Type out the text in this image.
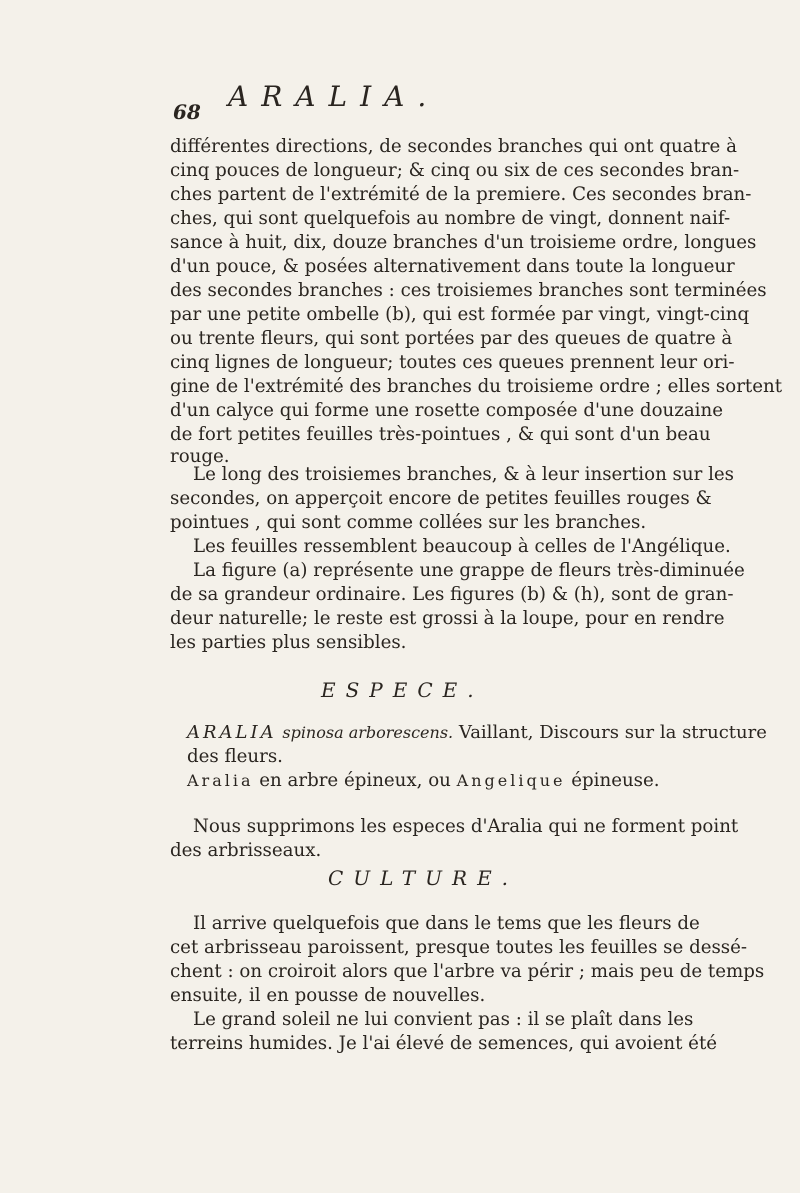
68 ARALIA.
différentes directions, de secondes branches qui ont quatre à
cinq pouces de longueur; & cinq ou six de ces secondes bran-
ches partent de l'extrémité de la premiere. Ces secondes bran-
ches, qui sont quelquefois au nombre de vingt, donnent naif-
sance à huit, dix, douze branches d'un troisieme ordre, longues
d'un pouce, & posées alternativement dans toute la longueur
des secondes branches : ces troisiemes branches sont terminées
par une petite ombelle (b), qui est formée par vingt, vingt-cinq
ou trente fleurs, qui sont portées par des queues de quatre à
cinq lignes de longueur; toutes ces queues prennent leur ori-
gine de l'extrémité des branches du troisieme ordre ; elles sortent
d'un calyce qui forme une rosette composée d'une douzaine
de fort petites feuilles très-pointues , & qui sont d'un beau
rouge.
Le long des troisiemes branches, & à leur insertion sur les
secondes, on apperçoit encore de petites feuilles rouges &
pointues , qui sont comme collées sur les branches.
Les feuilles ressemblent beaucoup à celles de l'Angélique.
La figure (a) représente une grappe de fleurs très-diminuée
de sa grandeur ordinaire. Les figures (b) & (h), sont de gran-
deur naturelle; le reste est grossi à la loupe, pour en rendre
les parties plus sensibles.
ESPECE.
ARALIA spinosa arborescens. Vaillant, Discours sur la structure
des fleurs.
Aralia en arbre épineux, ou Angelique épineuse.
Nous supprimons les especes d'Aralia qui ne forment point
des arbrisseaux.
CULTURE.
Il arrive quelquefois que dans le tems que les fleurs de
cet arbrisseau paroissent, presque toutes les feuilles se dessé-
chent : on croiroit alors que l'arbre va périr ; mais peu de temps
ensuite, il en pousse de nouvelles.
Le grand soleil ne lui convient pas : il se plaît dans les
terreins humides. Je l'ai élevé de semences, qui avoient été
